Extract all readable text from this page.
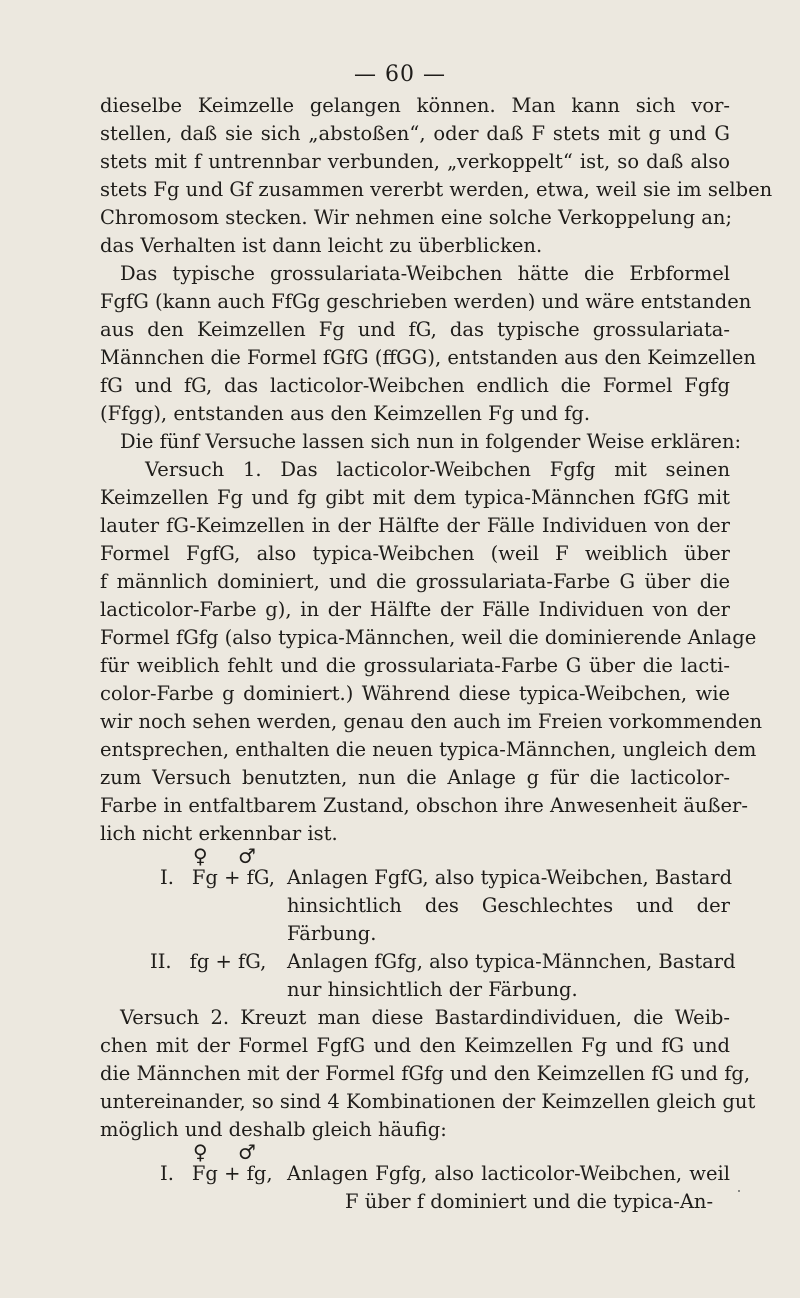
— 60 —
dieselbe Keimzelle gelangen können. Man kann sich vor-
stellen, daß sie sich „abstoßen“, oder daß F stets mit g und G
stets mit f untrennbar verbunden, „verkoppelt“ ist, so daß also
stets Fg und Gf zusammen vererbt werden, etwa, weil sie im selben
Chromosom stecken. Wir nehmen eine solche Verkoppelung an;
das Verhalten ist dann leicht zu überblicken.
Das typische grossulariata-Weibchen hätte die Erbformel
FgfG (kann auch FfGg geschrieben werden) und wäre entstanden
aus den Keimzellen Fg und fG, das typische grossulariata-
Männchen die Formel fGfG (ffGG), entstanden aus den Keimzellen
fG und fG, das lacticolor-Weibchen endlich die Formel Fgfg
(Ffgg), entstanden aus den Keimzellen Fg und fg.
Die fünf Versuche lassen sich nun in folgender Weise erklären:
Versuch 1. Das lacticolor-Weibchen Fgfg mit seinen
Keimzellen Fg und fg gibt mit dem typica-Männchen fGfG mit
lauter fG-Keimzellen in der Hälfte der Fälle Individuen von der
Formel FgfG, also typica-Weibchen (weil F weiblich über
f männlich dominiert, und die grossulariata-Farbe G über die
lacticolor-Farbe g), in der Hälfte der Fälle Individuen von der
Formel fGfg (also typica-Männchen, weil die dominierende Anlage
für weiblich fehlt und die grossulariata-Farbe G über die lacti-
color-Farbe g dominiert.) Während diese typica-Weibchen, wie
wir noch sehen werden, genau den auch im Freien vorkommenden
entsprechen, enthalten die neuen typica-Männchen, ungleich dem
zum Versuch benutzten, nun die Anlage g für die lacticolor-
Farbe in entfaltbarem Zustand, obschon ihre Anwesenheit äußer-
lich nicht erkennbar ist.
♀ ♂
I. Fg + fG, Anlagen FgfG, also typica-Weibchen, Bastard
hinsichtlich des Geschlechtes und der
Färbung.
II. fg + fG,	Anlagen fGfg, also typica-Männchen, Bastard
nur hinsichtlich der Färbung.
Versuch 2. Kreuzt man diese Bastardindividuen, die Weib-
chen mit der Formel FgfG und den Keimzellen Fg und fG und
die Männchen mit der Formel fGfg und den Keimzellen fG und fg,
untereinander, so sind 4 Kombinationen der Keimzellen gleich gut
möglich und deshalb gleich häufig:
♀ ♂
I. Fg + fg, Anlagen Fgfg, also lacticolor-Weibchen, weil
F über f dominiert und die typica-An-
